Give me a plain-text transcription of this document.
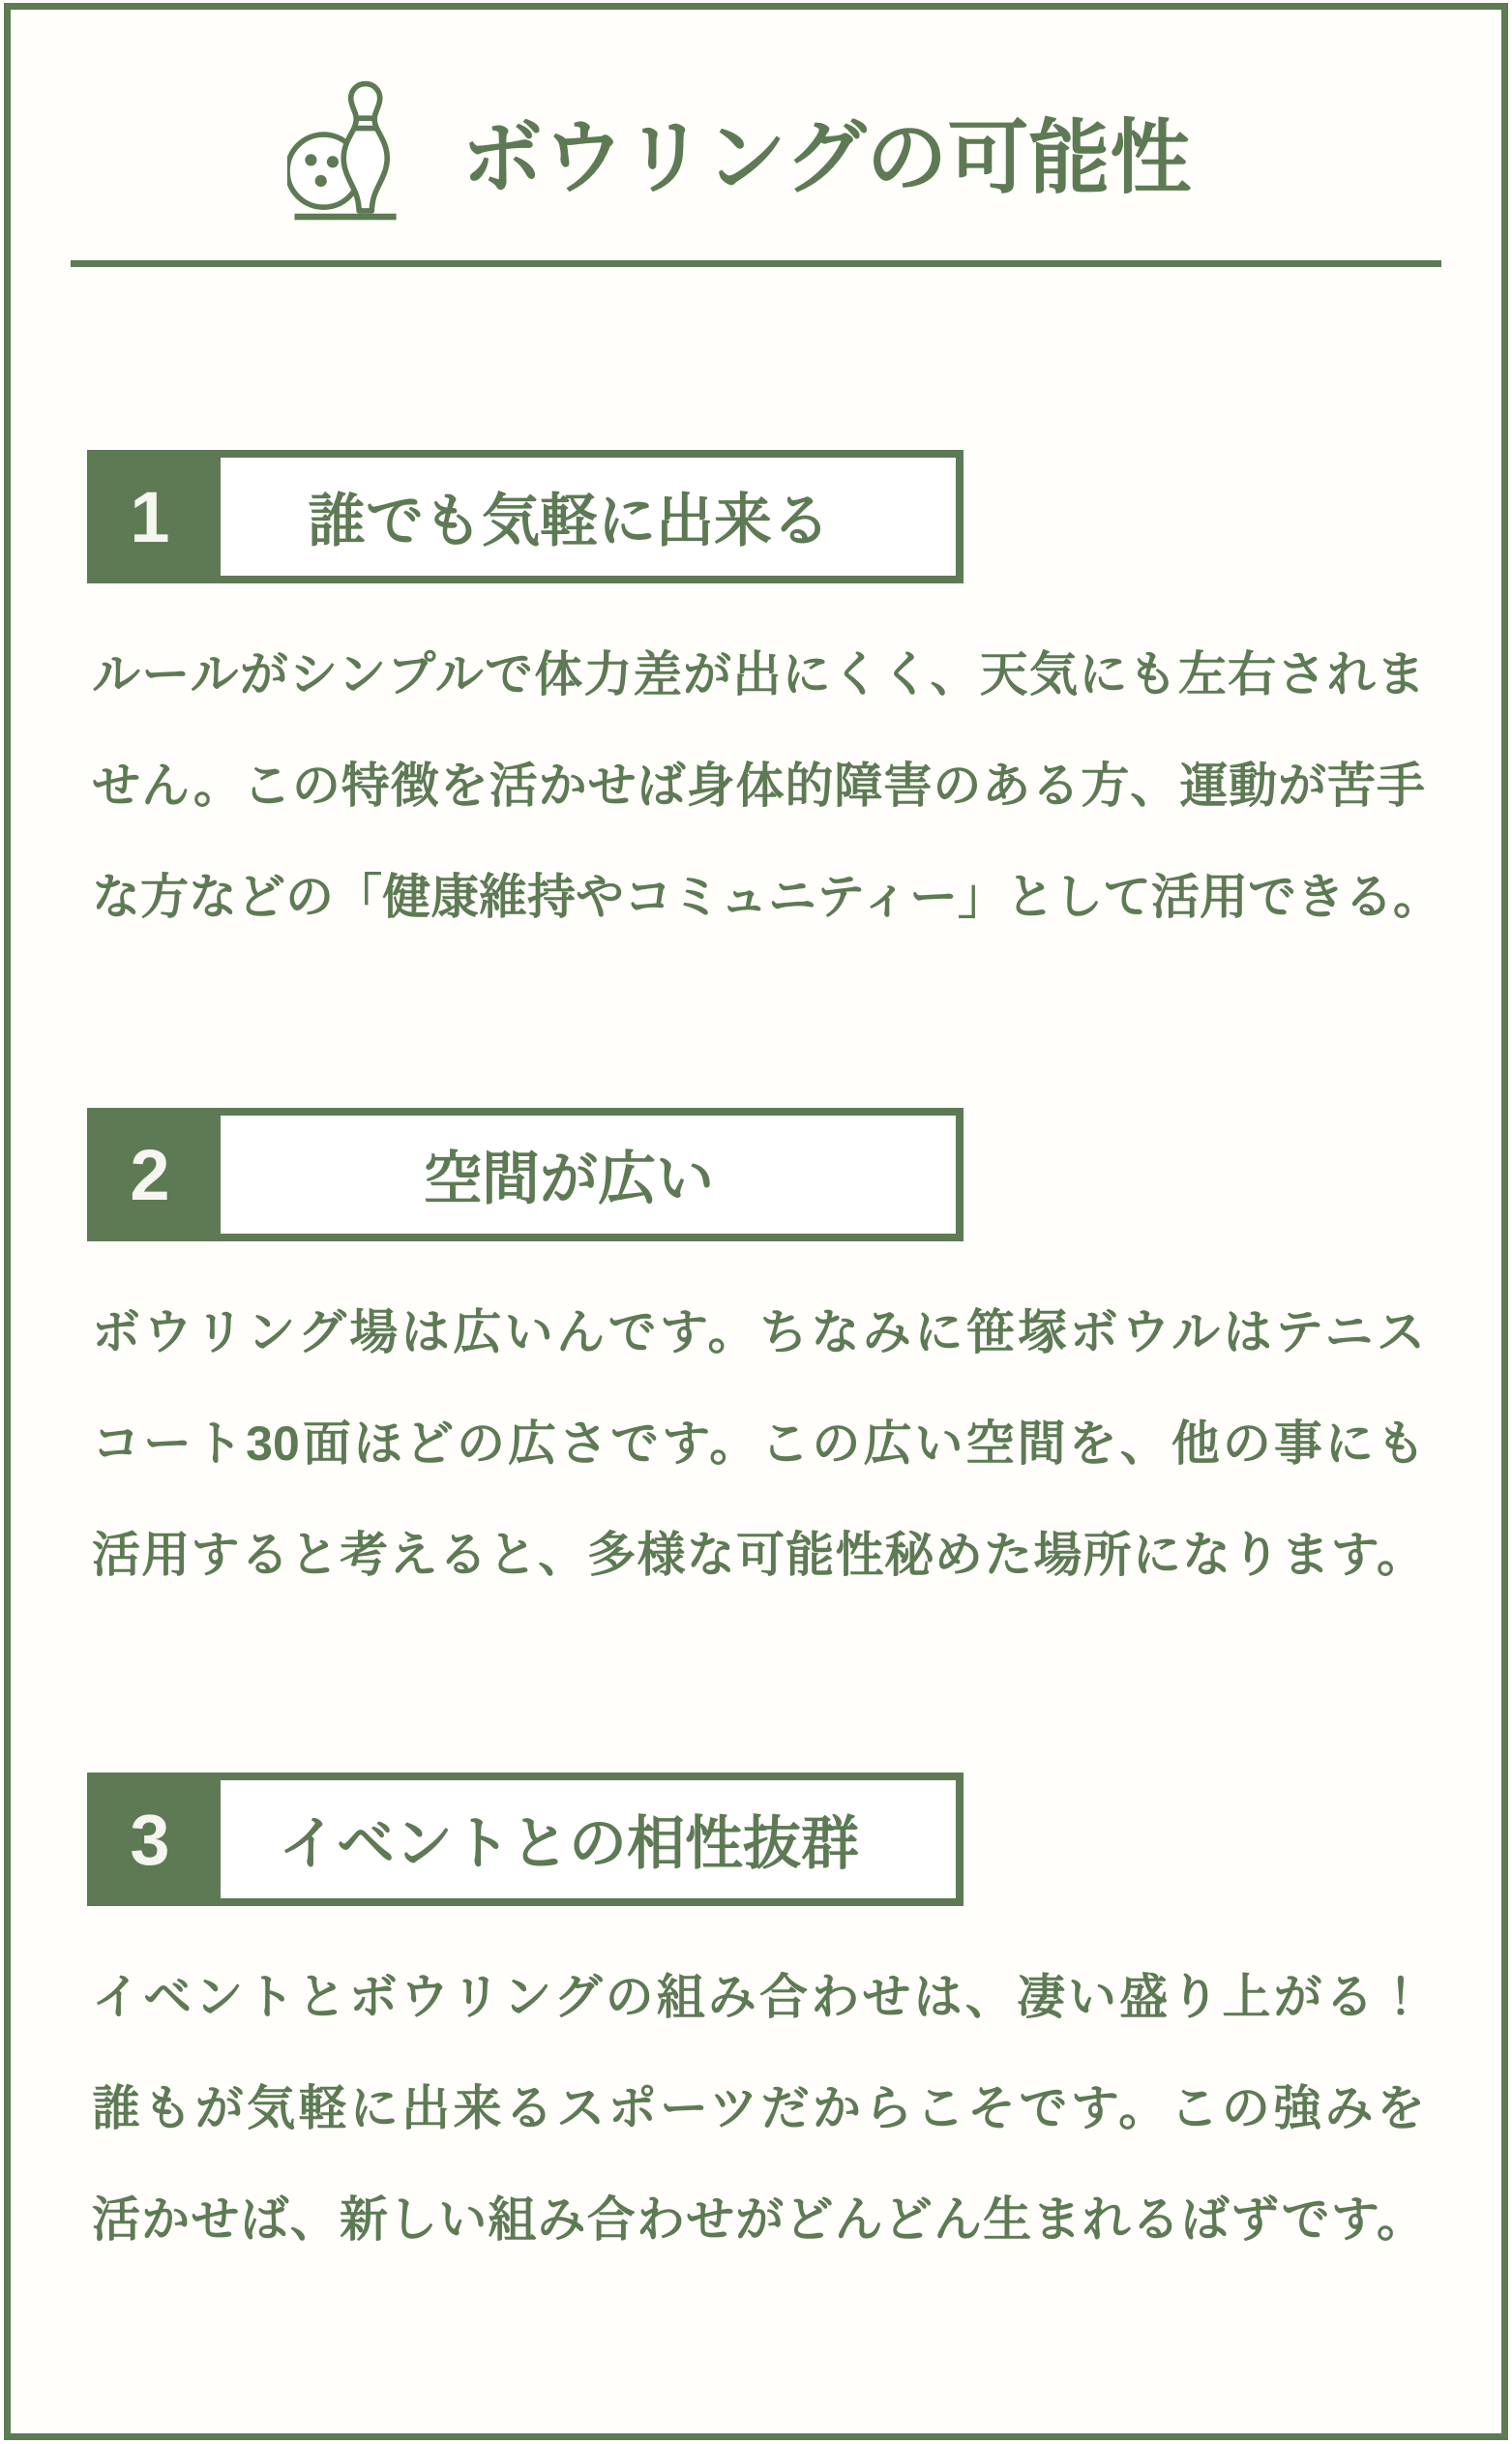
ボウリングの可能性
1	誰でも気軽に出来る
ルールがシンプルで体力差が出にくく、天気にも左右されま
せん。この特徴を活かせば身体的障害のある方、運動が苦手
な方などの「健康維持やコミュニティー」として活用できる。
2	空間が広い
ボウリング場は広いんです。ちなみに笹塚ボウルはテニス
コート30面ほどの広さです。この広い空間を、他の事にも
活用すると考えると、多様な可能性秘めた場所になります。
3	イベントとの相性抜群
イベントとボウリングの組み合わせは、凄い盛り上がる！
誰もが気軽に出来るスポーツだからこそです。この強みを
活かせば、新しい組み合わせがどんどん生まれるばずです。
